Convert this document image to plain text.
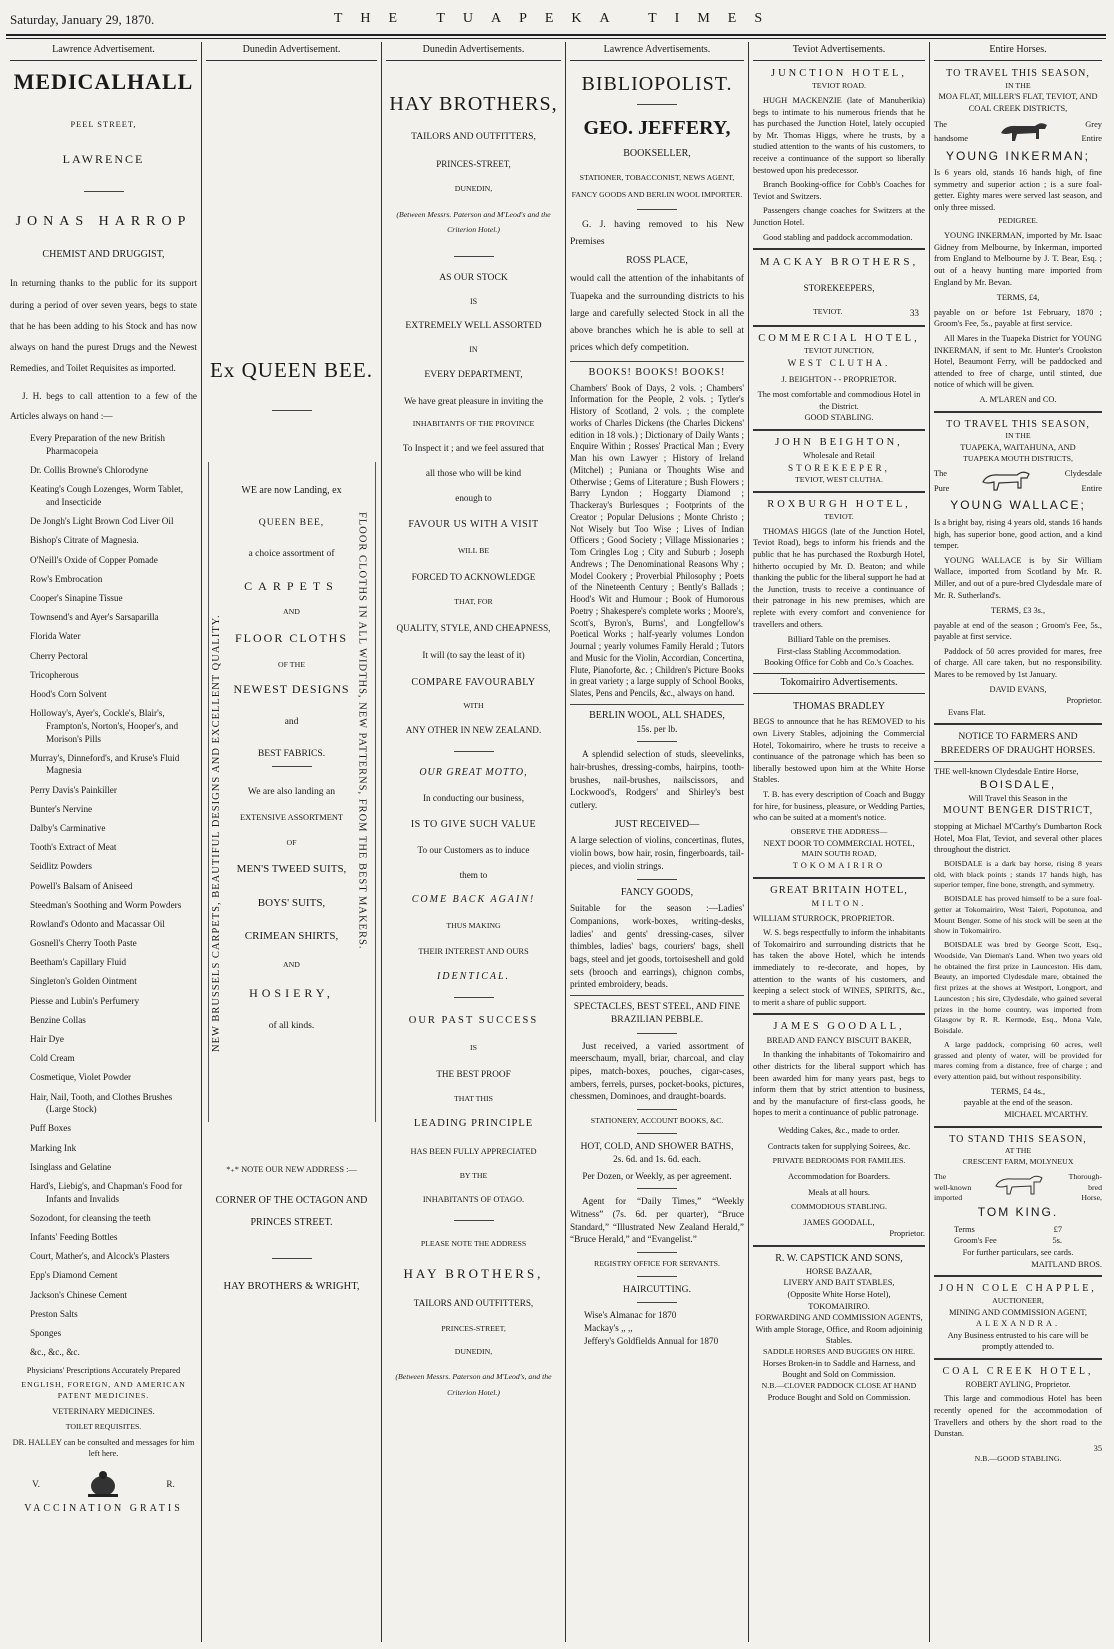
Saturday, January 29, 1870.	THE TUAPEKA TIMES
Lawrence Advertisement.
MEDICALHALL
PEEL STREET,
LAWRENCE
JONAS HARROP
CHEMIST AND DRUGGIST,

In returning thanks to the public for its support during a period of over seven years, begs to state that he has been adding to his Stock and has now always on hand the purest Drugs and the Newest Remedies, and Toilet Requisites as imported.

J. H. begs to call attention to a few of the Articles always on hand :—

Every Preparation of the new British Pharmacopeia
Dr. Collis Browne's Chlorodyne
Keating's Cough Lozenges, Worm Tablet, and Insecticide
De Jongh's Light Brown Cod Liver Oil
Bishop's Citrate of Magnesia.
O'Neill's Oxide of Copper Pomade
Row's Embrocation
Cooper's Sinapine Tissue
Townsend's and Ayer's Sarsaparilla
Florida Water
Cherry Pectoral
Tricopherous
Hood's Corn Solvent
Holloway's, Ayer's, Cockle's, Blair's, Frampton's, Norton's, Hooper's, and Morison's Pills
Murray's, Dinneford's, and Kruse's Fluid Magnesia
Perry Davis's Painkiller
Bunter's Nervine
Dalby's Carminative
Tooth's Extract of Meat
Seidlitz Powders
Powell's Balsam of Aniseed
Steedman's Soothing and Worm Powders
Rowland's Odonto and Macassar Oil
Gosnell's Cherry Tooth Paste
Beetham's Capillary Fluid
Singleton's Golden Ointment
Piesse and Lubin's Perfumery
Benzine Collas
Hair Dye
Cold Cream
Cosmetique, Violet Powder
Hair, Nail, Tooth, and Clothes Brushes (Large Stock)
Puff Boxes
Marking Ink
Isinglass and Gelatine
Hard's, Liebig's, and Chapman's Food for Infants and Invalids
Sozodont, for cleansing the teeth
Infants' Feeding Bottles
Court, Mather's, and Alcock's Plasters
Epp's Diamond Cement
Jackson's Chinese Cement
Preston Salts
Sponges
&c., &c., &c.
Physicians' Prescriptions Accurately Prepared
ENGLISH, FOREIGN, AND AMERICAN PATENT MEDICINES.
VETERINARY MEDICINES.
TOILET REQUISITES.
DR. HALLEY can be consulted and messages for him left here.
V.	R.
VACCINATION GRATIS
Dunedin Advertisement.
Ex QUEEN BEE.
NEW BRUSSELS CARPETS, BEAUTIFUL DESIGNS AND EXCELLENT QUALITY.	FLOOR CLOTHS IN ALL WIDTHS, NEW PATTERNS, FROM THE BEST MAKERS.
WE are now Landing, ex
QUEEN BEE,
a choice assortment of
CARPETS
AND
FLOOR CLOTHS
OF THE
NEWEST DESIGNS
and
BEST FABRICS.
We are also landing an
EXTENSIVE ASSORTMENT
OF
MEN'S TWEED SUITS,
BOYS' SUITS,
CRIMEAN SHIRTS,
AND
HOSIERY,
of all kinds.
*₊* NOTE OUR NEW ADDRESS :—
CORNER OF THE OCTAGON AND PRINCES STREET.
HAY BROTHERS & WRIGHT,
Dunedin Advertisements.
HAY BROTHERS,
TAILORS AND OUTFITTERS,
PRINCES-STREET,
DUNEDIN,
(Between Messrs. Paterson and M'Leod's and the Criterion Hotel.)
AS OUR STOCK
IS
EXTREMELY WELL ASSORTED
IN
EVERY DEPARTMENT,
We have great pleasure in inviting the
INHABITANTS OF THE PROVINCE
To Inspect it ; and we feel assured that
all those who will be kind
enough to
FAVOUR US WITH A VISIT
WILL BE
FORCED TO ACKNOWLEDGE
THAT, FOR
QUALITY, STYLE, AND CHEAPNESS,
It will (to say the least of it)
COMPARE FAVOURABLY
WITH
ANY OTHER IN NEW ZEALAND.
OUR GREAT MOTTO,
In conducting our business,
IS TO GIVE SUCH VALUE
To our Customers as to induce
them to
COME BACK AGAIN!
THUS MAKING
THEIR INTEREST AND OURS
IDENTICAL.
OUR PAST SUCCESS
IS
THE BEST PROOF
THAT THIS
LEADING PRINCIPLE
HAS BEEN FULLY APPRECIATED
BY THE
INHABITANTS OF OTAGO.
PLEASE NOTE THE ADDRESS
HAY BROTHERS,
TAILORS AND OUTFITTERS,
PRINCES-STREET,
DUNEDIN,
(Between Messrs. Paterson and M'Leod's, and the Criterion Hotel.)
Lawrence Advertisements.
BIBLIOPOLIST.
GEO. JEFFERY,
BOOKSELLER,
STATIONER, TOBACCONIST, NEWS AGENT, FANCY GOODS AND BERLIN WOOL IMPORTER.

G. J. having removed to his New Premises

ROSS PLACE,

would call the attention of the inhabitants of Tuapeka and the surrounding districts to his large and carefully selected Stock in all the above branches which he is able to sell at prices which defy competition.

BOOKS! BOOKS! BOOKS!

Chambers' Book of Days, 2 vols. ; Chambers' Information for the People, 2 vols. ; Tytler's History of Scotland, 2 vols. ; the complete works of Charles Dickens (the Charles Dickens' edition in 18 vols.) ; Dictionary of Daily Wants ; Enquire Within ; Rosses' Practical Man ; Every Man his own Lawyer ; History of Ireland (Mitchel) ; Puniana or Thoughts Wise and Otherwise ; Gems of Literature ; Bush Flowers ; Barry Lyndon ; Hoggarty Diamond ; Thackeray's Burlesques ; Footprints of the Creator ; Popular Delusions ; Monte Christo ; Not Wisely but Too Wise ; Lives of Indian Officers ; Good Society ; Village Missionaries ; Tom Cringles Log ; City and Suburb ; Joseph Andrews ; The Denominational Reasons Why ; Model Cookery ; Proverbial Philosophy ; Poets of the Nineteenth Century ; Bently's Ballads ; Hood's Wit and Humour ; Book of Humorous Poetry ; Shakespere's complete works ; Moore's, Scott's, Byron's, Burns', and Longfellow's Poetical Works ; half-yearly volumes London Journal ; yearly volumes Family Herald ; Tutors and Music for the Violin, Accordian, Concertina, Flute, Pianoforte, &c. ; Children's Picture Books in great variety ; a large supply of School Books, Slates, Pens and Pencils, &c., always on hand.

BERLIN WOOL, ALL SHADES,
15s. per lb.

A splendid selection of studs, sleevelinks, hair-brushes, dressing-combs, hairpins, tooth-brushes, nail-brushes, nailscissors, and Lockwood's, Rodgers' and Shirley's best cutlery.

JUST RECEIVED—

A large selection of violins, concertinas, flutes, violin bows, bow hair, rosin, fingerboards, tail-pieces, and violin strings.

FANCY GOODS,

Suitable for the season :—Ladies' Companions, work-boxes, writing-desks, ladies' and gents' dressing-cases, silver thimbles, ladies' bags, couriers' bags, shell bags, steel and jet goods, tortoiseshell and gold sets (brooch and earrings), chignon combs, printed embroidery, beads.

SPECTACLES, BEST STEEL, AND FINE BRAZILIAN PEBBLE.

Just received, a varied assortment of meerschaum, myall, briar, charcoal, and clay pipes, match-boxes, pouches, cigar-cases, ambers, ferrels, purses, pocket-books, pictures, chessmen, Dominoes, and draught-boards.

STATIONERY, ACCOUNT BOOKS, &C.
HOT, COLD, AND SHOWER BATHS,
2s. 6d. and 1s. 6d. each.
Per Dozen, or Weekly, as per agreement.

Agent for “Daily Times,” “Weekly Witness” (7s. 6d. per quarter), “Bruce Standard,” “Illustrated New Zealand Herald,” “Bruce Herald,” and “Evangelist.”

REGISTRY OFFICE FOR SERVANTS.
HAIRCUTTING.
Wise's Almanac for 1870
Mackay's ,, ,,
Jeffery's Goldfields Annual for 1870
Teviot Advertisements.
JUNCTION HOTEL,
TEVIOT ROAD.

HUGH MACKENZIE (late of Manuherikia) begs to intimate to his numerous friends that he has purchased the Junction Hotel, lately occupied by Mr. Thomas Higgs, where he trusts, by a studied attention to the wants of his customers, to receive a continuance of the support so liberally bestowed upon his predecessor.

Branch Booking-office for Cobb's Coaches for Teviot and Switzers.

Passengers change coaches for Switzers at the Junction Hotel.

Good stabling and paddock accommodation.
MACKAY BROTHERS,
STOREKEEPERS,
TEVIOT.	33
COMMERCIAL HOTEL,
TEVIOT JUNCTION,
WEST CLUTHA.
J. BEIGHTON - - PROPRIETOR.
The most comfortable and commodious Hotel in the District.
GOOD STABLING.
JOHN BEIGHTON,
Wholesale and Retail
STOREKEEPER,
TEVIOT, WEST CLUTHA.
ROXBURGH HOTEL,
TEVIOT.

THOMAS HIGGS (late of the Junction Hotel, Teviot Road), begs to inform his friends and the public that he has purchased the Roxburgh Hotel, hitherto occupied by Mr. D. Beaton; and while thanking the public for the liberal support he had at the Junction, trusts to receive a continuance of their patronage in his new premises, which are replete with every comfort and convenience for travellers and others.

Billiard Table on the premises.
First-class Stabling Accommodation.
Booking Office for Cobb and Co.'s Coaches.
Tokomairiro Advertisements.
THOMAS BRADLEY

BEGS to announce that he has REMOVED to his own Livery Stables, adjoining the Commercial Hotel, Tokomairiro, where he trusts to receive a continuance of the patronage which has been so liberally bestowed upon him at the White Horse Stables.

T. B. has every description of Coach and Buggy for hire, for business, pleasure, or Wedding Parties, who can be suited at a moment's notice.

OBSERVE THE ADDRESS—
NEXT DOOR TO COMMERCIAL HOTEL,
MAIN SOUTH ROAD,
TOKOMAIRIRO
GREAT BRITAIN HOTEL,
MILTON.
WILLIAM STURROCK, PROPRIETOR.

W. S. begs respectfully to inform the inhabitants of Tokomairiro and surrounding districts that he has taken the above Hotel, which he intends immediately to re-decorate, and hopes, by attention to the wants of his customers, and keeping a select stock of WINES, SPIRITS, &c., to merit a share of public support.

JAMES GOODALL,
BREAD AND FANCY BISCUIT BAKER,

In thanking the inhabitants of Tokomairiro and other districts for the liberal support which has been awarded him for many years past, begs to inform them that by strict attention to business, and by the manufacture of first-class goods, he hopes to merit a continuance of public patronage.

Wedding Cakes, &c., made to order.
Contracts taken for supplying Soirees, &c.
PRIVATE BEDROOMS FOR FAMILIES.
Accommodation for Boarders.
Meals at all hours.
COMMODIOUS STABLING.
JAMES GOODALL,
Proprietor.
R. W. CAPSTICK AND SONS,
HORSE BAZAAR,
LIVERY AND BAIT STABLES,
(Opposite White Horse Hotel),
TOKOMAIRIRO.
FORWARDING AND COMMISSION AGENTS,
With ample Storage, Office, and Room adjoininig Stables.
SADDLE HORSES AND BUGGIES ON HIRE.
Horses Broken-in to Saddle and Harness, and Bought and Sold on Commission.
N.B.—CLOVER PADDOCK CLOSE AT HAND
Produce Bought and Sold on Commission.
Entire Horses.
TO TRAVEL THIS SEASON,
IN THE
MOA FLAT, MILLER'S FLAT, TEVIOT, AND COAL CREEK DISTRICTS,
The
handsome
Grey
Entire
YOUNG INKERMAN;

Is 6 years old, stands 16 hands high, of fine symmetry and superior action ; is a sure foal-getter. Eighty mares were served last season, and only three missed.

PEDIGREE.

YOUNG INKERMAN, imported by Mr. Isaac Gidney from Melbourne, by Inkerman, imported from England to Melbourne by J. T. Bear, Esq. ; out of a heavy hunting mare imported from England by Mr. Bevan.

TERMS, £4,

payable on or before 1st February, 1870 ; Groom's Fee, 5s., payable at first service.

All Mares in the Tuapeka District for YOUNG INKERMAN, if sent to Mr. Hunter's Crookston Hotel, Beaumont Ferry, will be paddocked and attended to free of charge, until stinted, due notice of which will be given.

A. M'LAREN and CO.
TO TRAVEL THIS SEASON,
IN THE
TUAPEKA, WAITAHUNA, AND
TUAPEKA MOUTH DISTRICTS,
The
Pure
Clydesdale
Entire
YOUNG WALLACE;

Is a bright bay, rising 4 years old, stands 16 hands high, has superior bone, good action, and a kind temper.

YOUNG WALLACE is by Sir William Wallace, imported from Scotland by Mr. R. Miller, and out of a pure-bred Clydesdale mare of Mr. R. Sutherland's.

TERMS, £3 3s.,

payable at end of the season ; Groom's Fee, 5s., payable at first service.

Paddock of 50 acres provided for mares, free of charge. All care taken, but no responsibility. Mares to be removed by 1st January.

DAVID EVANS,
Proprietor.
Evans Flat.
NOTICE TO FARMERS AND BREEDERS OF DRAUGHT HORSES.
THE well-known Clydesdale Entire Horse,
BOISDALE,
Will Travel this Season in the
MOUNT BENGER DISTRICT,

stopping at Michael M'Carthy's Dumbarton Rock Hotel, Moa Flat, Teviot, and several other places throughout the district.

BOISDALE is a dark bay horse, rising 8 years old, with black points ; stands 17 hands high, has superior temper, fine bone, strength, and symmetry.

BOISDALE has proved himself to be a sure foal-getter at Tokomairiro, West Taieri, Popotunoa, and Mount Benger. Some of his stock will be seen at the show in Tokomairiro.

BOISDALE was bred by George Scott, Esq., Woodside, Van Dieman's Land. When two years old he obtained the first prize in Launceston. His dam, Beauty, an imported Clydesdale mare, obtained the first prizes at the shows at Westport, Longport, and Launceston ; his sire, Clydesdale, who gained several prizes in the home country, was imported from Glasgow by R. R. Kermode, Esq., Mona Vale, Boisdale.

A large paddock, comprising 60 acres, well grassed and plenty of water, will be provided for mares coming from a distance, free of charge ; and every attention paid, but without responsibility.

TERMS, £4 4s.,
payable at the end of the season.
MICHAEL M'CARTHY.
TO STAND THIS SEASON,
AT THE
CRESCENT FARM, MOLYNEUX
The
well-known
imported
Thorough-
bred
Horse,
TOM KING.
Terms	£7
Groom's Fee	5s.
For further particulars, see cards.
MAITLAND BROS.
JOHN COLE CHAPPLE,
AUCTIONEER,
MINING AND COMMISSION AGENT,
ALEXANDRA.
Any Business entrusted to his care will be promptly attended to.
COAL CREEK HOTEL,
ROBERT AYLING, Proprietor.

This large and commodious Hotel has been recently opened for the accommodation of Travellers and others by the short road to the Dunstan.

35
N.B.—GOOD STABLING.
